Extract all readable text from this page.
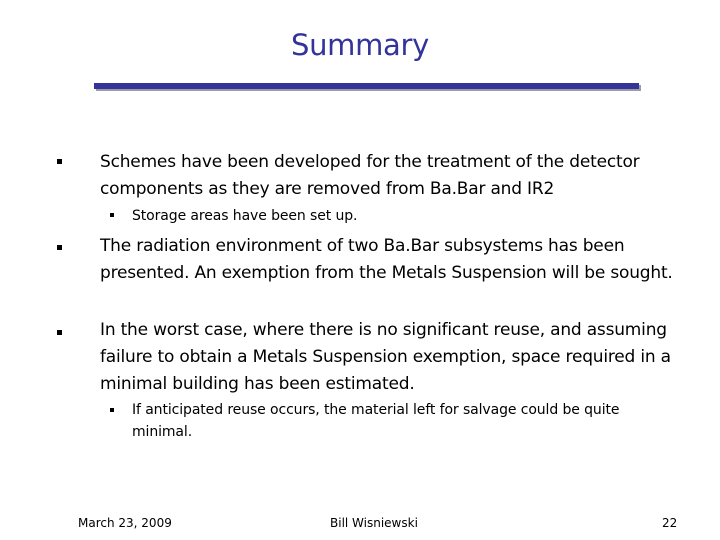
Summary
Schemes have been developed for the treatment of the detector components as they are removed from Ba.Bar and IR2
Storage areas have been set up.
The radiation environment of two Ba.Bar subsystems has been presented. An exemption from the Metals Suspension will be sought.
In the worst case, where there is no significant reuse, and assuming failure to obtain a Metals Suspension exemption, space required in a minimal building has been estimated.
If anticipated reuse occurs, the material left for salvage could be quite minimal.
March 23, 2009	Bill Wisniewski	22
